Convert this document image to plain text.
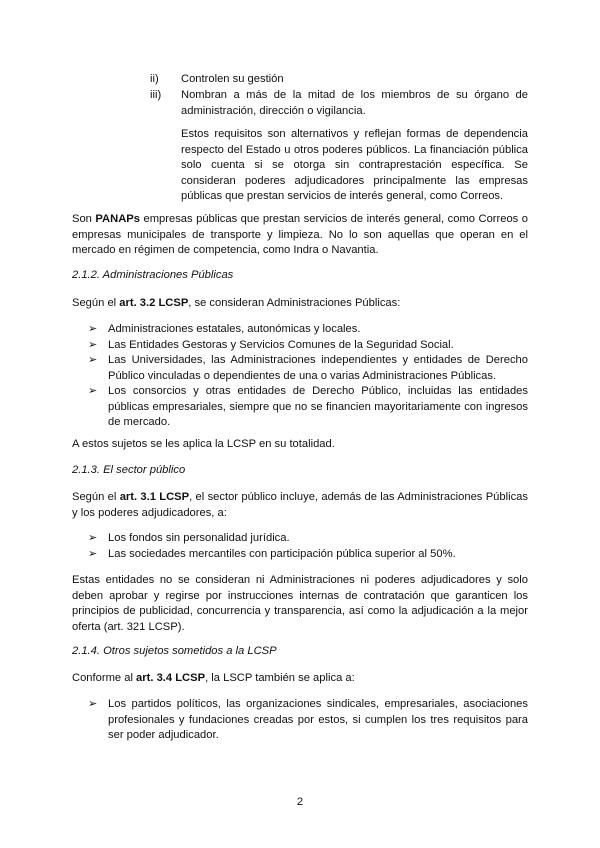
ii) Controlen su gestión
iii) Nombran a más de la mitad de los miembros de su órgano de administración, dirección o vigilancia.

Estos requisitos son alternativos y reflejan formas de dependencia respecto del Estado u otros poderes públicos. La financiación pública solo cuenta si se otorga sin contraprestación específica. Se consideran poderes adjudicadores principalmente las empresas públicas que prestan servicios de interés general, como Correos.

Son PANAPs empresas públicas que prestan servicios de interés general, como Correos o empresas municipales de transporte y limpieza. No lo son aquellas que operan en el mercado en régimen de competencia, como Indra o Navantia.

2.1.2. Administraciones Públicas

Según el art. 3.2 LCSP, se consideran Administraciones Públicas:

➢ Administraciones estatales, autonómicas y locales.
➢ Las Entidades Gestoras y Servicios Comunes de la Seguridad Social.
➢ Las Universidades, las Administraciones independientes y entidades de Derecho Público vinculadas o dependientes de una o varias Administraciones Públicas.
➢ Los consorcios y otras entidades de Derecho Público, incluidas las entidades públicas empresariales, siempre que no se financien mayoritariamente con ingresos de mercado.

A estos sujetos se les aplica la LCSP en su totalidad.

2.1.3. El sector público

Según el art. 3.1 LCSP, el sector público incluye, además de las Administraciones Públicas y los poderes adjudicadores, a:

➢ Los fondos sin personalidad jurídica.
➢ Las sociedades mercantiles con participación pública superior al 50%.

Estas entidades no se consideran ni Administraciones ni poderes adjudicadores y solo deben aprobar y regirse por instrucciones internas de contratación que garanticen los principios de publicidad, concurrencia y transparencia, así como la adjudicación a la mejor oferta (art. 321 LCSP).

2.1.4. Otros sujetos sometidos a la LCSP

Conforme al art. 3.4 LCSP, la LSCP también se aplica a:

➢ Los partidos políticos, las organizaciones sindicales, empresariales, asociaciones profesionales y fundaciones creadas por estos, si cumplen los tres requisitos para ser poder adjudicador.
2
